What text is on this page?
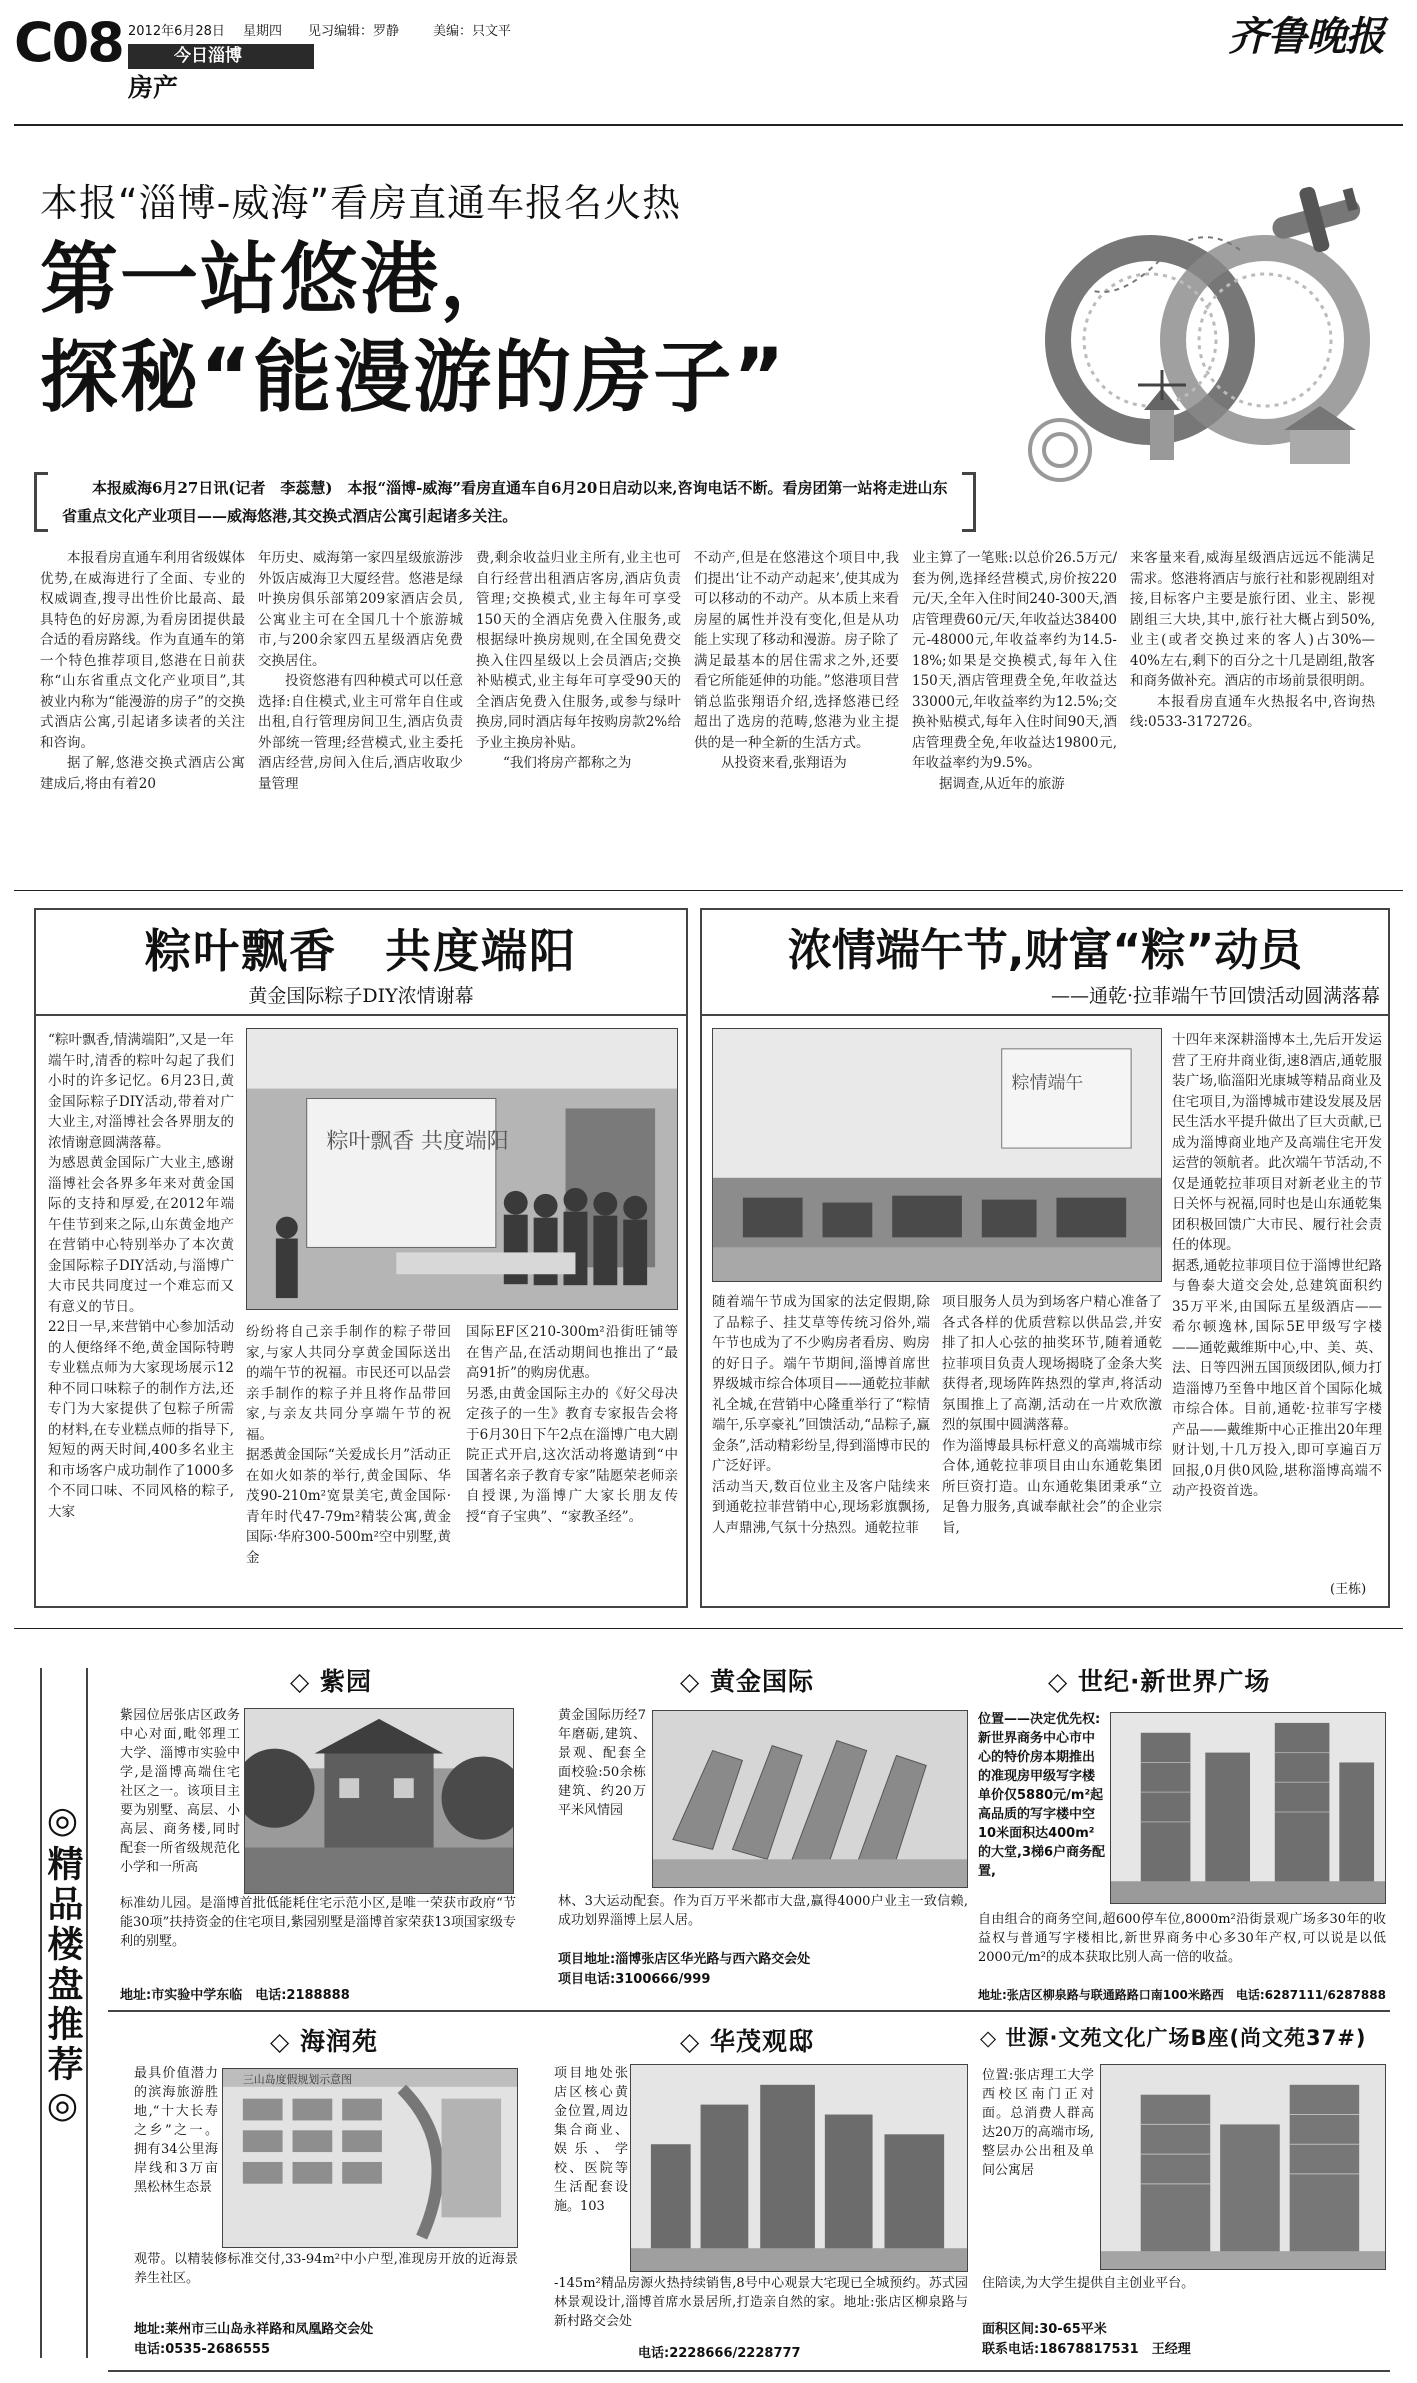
C08 2012年6月28日 星期四 见习编辑：罗静	美编：只文平
今日淄博
房产
齐鲁晚报
本报“淄博-威海”看房直通车报名火热
第一站悠港，
探秘“能漫游的房子”
本报威海6月27日讯(记者　李蕊慧)　本报“淄博-威海”看房直通车自6月20日启动以来,咨询电话不断。看房团第一站将走进山东省重点文化产业项目——威海悠港,其交换式酒店公寓引起诸多关注。

本报看房直通车利用省级媒体优势,在威海进行了全面、专业的权威调查,搜寻出性价比最高、最具特色的好房源,为看房团提供最合适的看房路线。作为直通车的第一个特色推荐项目,悠港在日前获称“山东省重点文化产业项目”,其被业内称为“能漫游的房子”的交换式酒店公寓,引起诸多读者的关注和咨询。

据了解,悠港交换式酒店公寓建成后,将由有着20

年历史、威海第一家四星级旅游涉外饭店威海卫大厦经营。悠港是绿叶换房俱乐部第209家酒店会员,公寓业主可在全国几十个旅游城市,与200余家四五星级酒店免费交换居住。

投资悠港有四种模式可以任意选择:自住模式,业主可常年自住或出租,自行管理房间卫生,酒店负责外部统一管理;经营模式,业主委托酒店经营,房间入住后,酒店收取少量管理

费,剩余收益归业主所有,业主也可自行经营出租酒店客房,酒店负责管理;交换模式,业主每年可享受150天的全酒店免费入住服务,或根据绿叶换房规则,在全国免费交换入住四星级以上会员酒店;交换补贴模式,业主每年可享受90天的全酒店免费入住服务,或参与绿叶换房,同时酒店每年按购房款2%给予业主换房补贴。

“我们将房产都称之为

不动产,但是在悠港这个项目中,我们提出‘让不动产动起来’,使其成为可以移动的不动产。从本质上来看房屋的属性并没有变化,但是从功能上实现了移动和漫游。房子除了满足最基本的居住需求之外,还要看它所能延伸的功能。”悠港项目营销总监张翔语介绍,选择悠港已经超出了选房的范畴,悠港为业主提供的是一种全新的生活方式。

从投资来看,张翔语为

业主算了一笔账:以总价26.5万元/套为例,选择经营模式,房价按220元/天,全年入住时间240-300天,酒店管理费60元/天,年收益达38400元-48000元,年收益率约为14.5-18%;如果是交换模式,每年入住150天,酒店管理费全免,年收益达33000元,年收益率约为12.5%;交换补贴模式,每年入住时间90天,酒店管理费全免,年收益达19800元,年收益率约为9.5%。

据调查,从近年的旅游

来客量来看,威海星级酒店远远不能满足需求。悠港将酒店与旅行社和影视剧组对接,目标客户主要是旅行团、业主、影视剧组三大块,其中,旅行社大概占到50%,业主(或者交换过来的客人)占30%—40%左右,剩下的百分之十几是剧组,散客和商务做补充。酒店的市场前景很明朗。

本报看房直通车火热报名中,咨询热线:0533-3172726。

粽叶飘香　共度端阳
黄金国际粽子DIY浓情谢幕
“粽叶飘香,情满端阳”,又是一年端午时,清香的粽叶勾起了我们小时的许多记忆。6月23日,黄金国际粽子DIY活动,带着对广大业主,对淄博社会各界朋友的浓情谢意圆满落幕。
为感恩黄金国际广大业主,感谢淄博社会各界多年来对黄金国际的支持和厚爱,在2012年端午佳节到来之际,山东黄金地产在营销中心特别举办了本次黄金国际粽子DIY活动,与淄博广大市民共同度过一个难忘而又有意义的节日。
22日一早,来营销中心参加活动的人便络绎不绝,黄金国际特聘专业糕点师为大家现场展示12种不同口味粽子的制作方法,还专门为大家提供了包粽子所需的材料,在专业糕点师的指导下,短短的两天时间,400多名业主和市场客户成功制作了1000多个不同口味、不同风格的粽子,大家
粽叶飘香 共度端阳
纷纷将自己亲手制作的粽子带回家,与家人共同分享黄金国际送出的端午节的祝福。市民还可以品尝亲手制作的粽子并且将作品带回家,与亲友共同分享端午节的祝福。
据悉黄金国际“关爱成长月”活动正在如火如荼的举行,黄金国际、华茂90-210m²宽景美宅,黄金国际·青年时代47-79m²精装公寓,黄金国际·华府300-500m²空中别墅,黄金
国际EF区210-300m²沿街旺铺等在售产品,在活动期间也推出了“最高91折”的购房优惠。
另悉,由黄金国际主办的《好父母决定孩子的一生》教育专家报告会将于6月30日下午2点在淄博广电大剧院正式开启,这次活动将邀请到“中国著名亲子教育专家”陆愿荣老师亲自授课,为淄博广大家长朋友传授“育子宝典”、“家教圣经”。
浓情端午节,财富“粽”动员
——通乾·拉菲端午节回馈活动圆满落幕
粽情端午
十四年来深耕淄博本土,先后开发运营了王府井商业街,速8酒店,通乾服装广场,临淄阳光康城等精品商业及住宅项目,为淄博城市建设发展及居民生活水平提升做出了巨大贡献,已成为淄博商业地产及高端住宅开发运营的领航者。此次端午节活动,不仅是通乾拉菲项目对新老业主的节日关怀与祝福,同时也是山东通乾集团积极回馈广大市民、履行社会责任的体现。
据悉,通乾拉菲项目位于淄博世纪路与鲁泰大道交会处,总建筑面积约35万平米,由国际五星级酒店——希尔顿逸林,国际5E甲级写字楼——通乾戴维斯中心,中、美、英、法、日等四洲五国顶级团队,倾力打造淄博乃至鲁中地区首个国际化城市综合体。目前,通乾·拉菲写字楼产品——戴维斯中心正推出20年理财计划,十几万投入,即可享遍百万回报,0月供0风险,堪称淄博高端不动产投资首选。
随着端午节成为国家的法定假期,除了品粽子、挂艾草等传统习俗外,端午节也成为了不少购房者看房、购房的好日子。端午节期间,淄博首席世界级城市综合体项目——通乾拉菲献礼全城,在营销中心隆重举行了“粽情端午,乐享豪礼”回馈活动,“品粽子,赢金条”,活动精彩纷呈,得到淄博市民的广泛好评。
活动当天,数百位业主及客户陆续来到通乾拉菲营销中心,现场彩旗飘扬,人声鼎沸,气氛十分热烈。通乾拉菲
项目服务人员为到场客户精心准备了各式各样的优质营粽以供品尝,并安排了扣人心弦的抽奖环节,随着通乾拉菲项目负责人现场揭晓了金条大奖获得者,现场阵阵热烈的掌声,将活动氛围推上了高潮,活动在一片欢欣激烈的氛围中圆满落幕。
作为淄博最具标杆意义的高端城市综合体,通乾拉菲项目由山东通乾集团所巨资打造。山东通乾集团秉承“立足鲁力服务,真诚奉献社会”的企业宗旨,
(王栋)
◎精品楼盘推荐◎
◇ 紫园
紫园位居张店区政务中心对面,毗邻理工大学、淄博市实验中学,是淄博高端住宅社区之一。该项目主要为别墅、高层、小高层、商务楼,同时配套一所省级规范化小学和一所高
标准幼儿园。是淄博首批低能耗住宅示范小区,是唯一荣获市政府“节能30项”扶持资金的住宅项目,紫园别墅是淄博首家荣获13项国家级专利的别墅。
地址:市实验中学东临　 电话:2188888
◇ 黄金国际
黄金国际历经7年磨砺,建筑、景观、配套全面校验:50余栋建筑、约20万平米风情园
林、3大运动配套。作为百万平米都市大盘,赢得4000户业主一致信赖,成功划界淄博上层人居。
项目地址:淄博张店区华光路与西六路交会处
项目电话:3100666/999
◇ 世纪·新世界广场
位置——决定优先权:新世界商务中心市中心的特价房本期推出的准现房甲级写字楼单价仅5880元/m²起高品质的写字楼中空10米面积达400m²的大堂,3梯6户商务配置,
自由组合的商务空间,超600停车位,8000m²沿街景观广场多30年的收益权与普通写字楼相比,新世界商务中心多30年产权,可以说是以低2000元/m²的成本获取比别人高一倍的收益。
地址:张店区柳泉路与联通路路口南100米路西　 电话:6287111/6287888
◇ 海润苑
三山岛度假规划示意图
最具价值潜力的滨海旅游胜地,“十大长寿之乡”之一。拥有34公里海岸线和3万亩黑松林生态景
观带。以精装修标准交付,33-94m²中小户型,准现房开放的近海景养生社区。
地址:莱州市三山岛永祥路和凤凰路交会处
电话:0535-2686555
◇ 华茂观邸
项目地处张店区核心黄金位置,周边集合商业、娱乐、学校、医院等生活配套设施。103
-145m²精品房源火热持续销售,8号中心观景大宅现已全城预约。苏式园林景观设计,淄博首席水景居所,打造亲自然的家。地址:张店区柳泉路与新村路交会处
电话:2228666/2228777
◇ 世源·文苑文化广场B座(尚文苑37#)
位置:张店理工大学西校区南门正对面。总消费人群高达20万的高端市场,整层办公出租及单间公寓居
住陪读,为大学生提供自主创业平台。
面积区间:30-65平米
联系电话:18678817531　王经理
